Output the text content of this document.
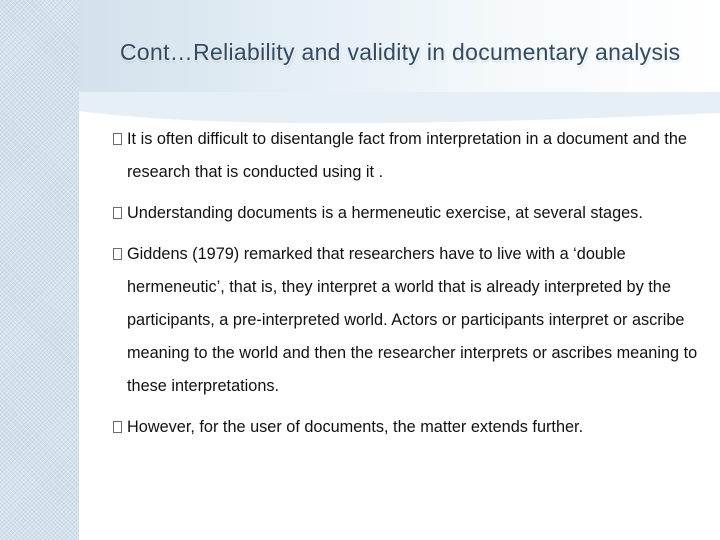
Cont…Reliability and validity in documentary analysis
It is often difficult to disentangle fact from interpretation in a document and the research that is conducted using it .
Understanding documents is a hermeneutic exercise, at several stages.
Giddens (1979) remarked that researchers have to live with a ‘double hermeneutic’, that is, they interpret a world that is already interpreted by the participants, a pre-interpreted world. Actors or participants interpret or ascribe meaning to the world and then the researcher interprets or ascribes meaning to these interpretations.
However, for the user of documents, the matter extends further.
